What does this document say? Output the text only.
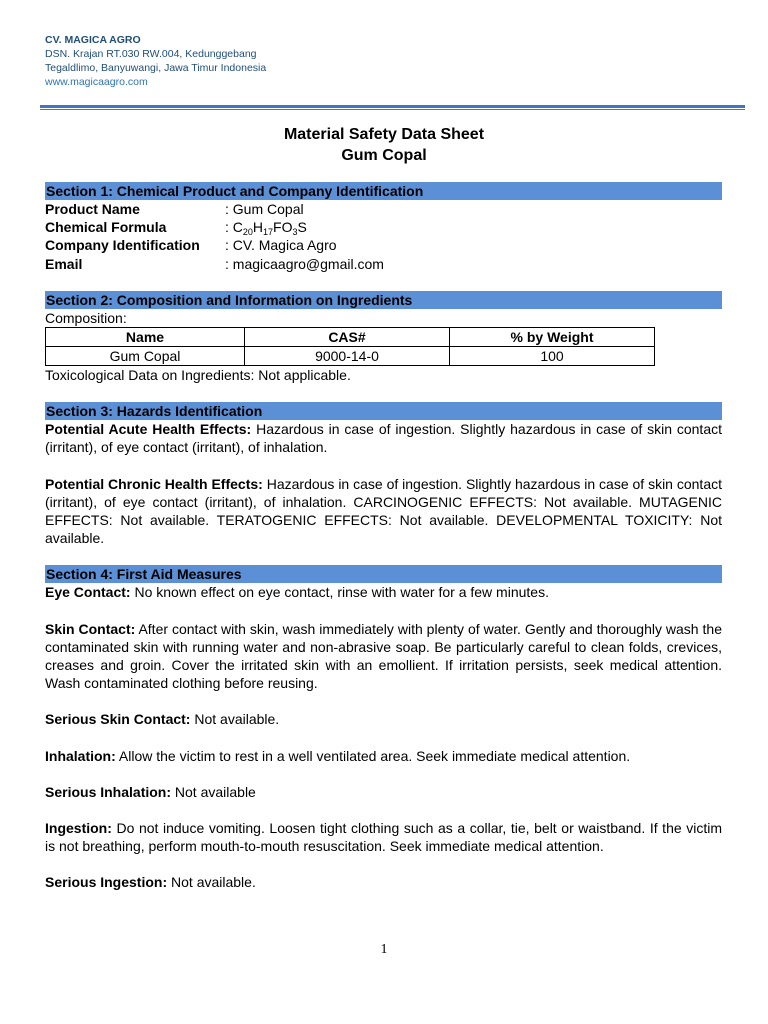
CV. MAGICA AGRO
DSN. Krajan RT.030 RW.004, Kedunggebang
Tegaldlimo, Banyuwangi, Jawa Timur Indonesia
www.magicaagro.com
Material Safety Data Sheet
Gum Copal
Section 1: Chemical Product and Company Identification
Product Name	: Gum Copal
Chemical Formula	: $C_{20}H_{17}FO_3S$
Company Identification	: CV. Magica Agro
Email	: magicaagro@gmail.com
Section 2: Composition and Information on Ingredients
Composition:
Name	CAS#	% by Weight
Gum Copal	9000-14-0	100
Toxicological Data on Ingredients: Not applicable.
Section 3: Hazards Identification
Potential Acute Health Effects: Hazardous in case of ingestion. Slightly hazardous in case of skin contact (irritant), of eye contact (irritant), of inhalation.
Potential Chronic Health Effects: Hazardous in case of ingestion. Slightly hazardous in case of skin contact (irritant), of eye contact (irritant), of inhalation. CARCINOGENIC EFFECTS: Not available. MUTAGENIC EFFECTS: Not available. TERATOGENIC EFFECTS: Not available. DEVELOPMENTAL TOXICITY: Not available.
Section 4: First Aid Measures
Eye Contact: No known effect on eye contact, rinse with water for a few minutes.
Skin Contact: After contact with skin, wash immediately with plenty of water. Gently and thoroughly wash the contaminated skin with running water and non-abrasive soap. Be particularly careful to clean folds, crevices, creases and groin. Cover the irritated skin with an emollient. If irritation persists, seek medical attention. Wash contaminated clothing before reusing.
Serious Skin Contact: Not available.
Inhalation: Allow the victim to rest in a well ventilated area. Seek immediate medical attention.
Serious Inhalation: Not available
Ingestion: Do not induce vomiting. Loosen tight clothing such as a collar, tie, belt or waistband. If the victim is not breathing, perform mouth-to-mouth resuscitation. Seek immediate medical attention.
Serious Ingestion: Not available.
1
